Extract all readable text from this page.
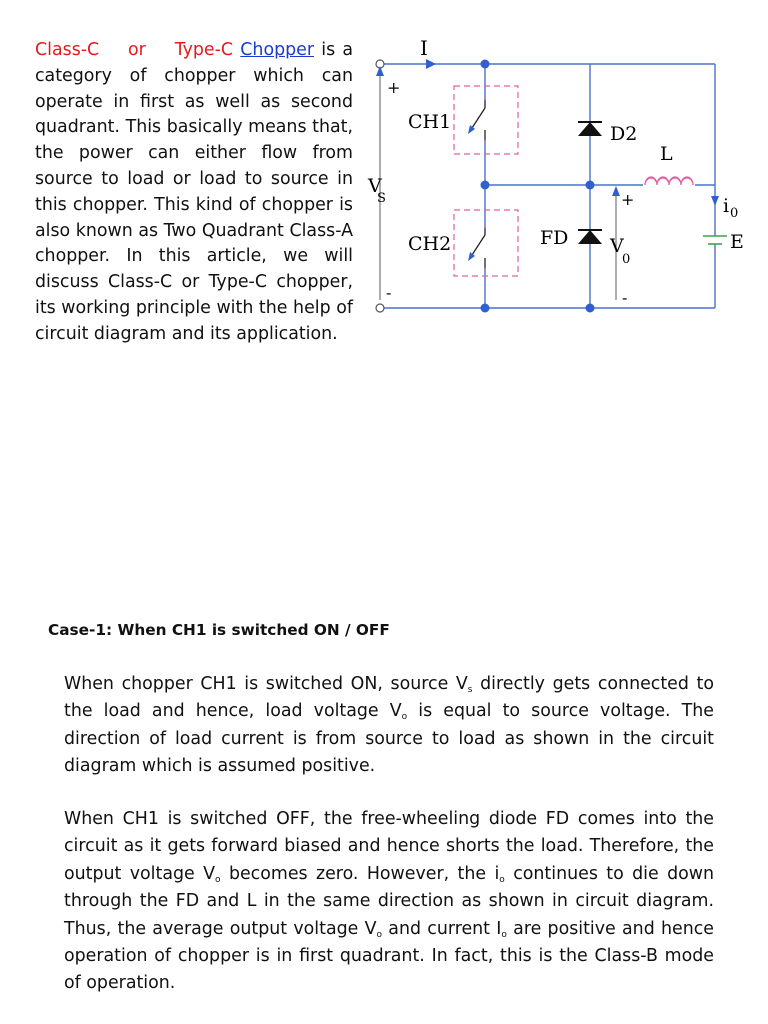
Class-C or Type-C Chopper is a category of chopper which can operate in first as well as second quadrant. This basically means that, the power can either flow from source to load or load to source in this chopper. This kind of chopper is also known as Two Quadrant Class-A chopper. In this article, we will discuss Class-C or Type-C chopper, its working principle with the help of circuit diagram and its application.
I
CH1
CH2
D2
FD
L
V
S
V
0
i 0
E
+
-
+
-
Case-1: When CH1 is switched ON / OFF

When chopper CH1 is switched ON, source $V_s$ directly gets connected to the load and hence, load voltage $V_o$ is equal to source voltage. The direction of load current is from source to load as shown in the circuit diagram which is assumed positive.

When CH1 is switched OFF, the free-wheeling diode FD comes into the circuit as it gets forward biased and hence shorts the load. Therefore, the output voltage $V_o$ becomes zero. However, the $i_o$ continues to die down through the FD and L in the same direction as shown in circuit diagram. Thus, the average output voltage $V_o$ and current $I_o$ are positive and hence operation of chopper is in first quadrant. In fact, this is the Class-B mode of operation.
